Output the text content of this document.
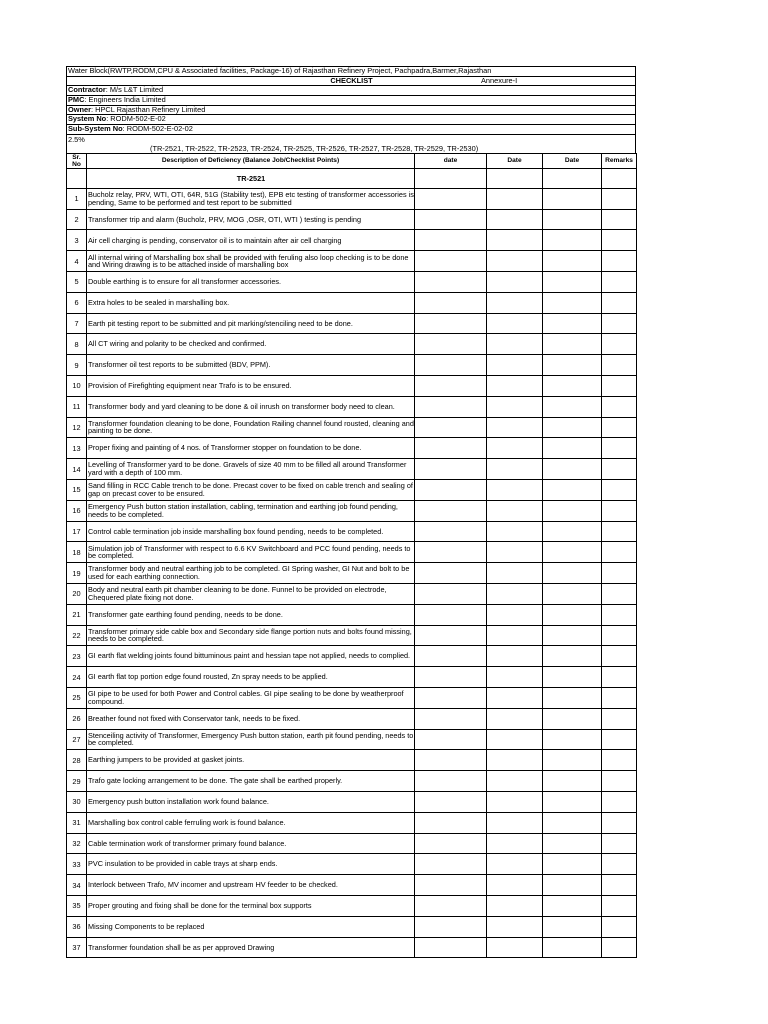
Water Block(RWTP,RODM,CPU & Associated facilities, Package-16) of Rajasthan Refinery Project, Pachpadra,Barmer,Rajasthan
CHECKLIST	Annexure-I
Contractor: M/s L&T Limited
PMC: Engineers India Limited
Owner: HPCL Rajasthan Refinery Limited
System No: RODM-502-E-02
Sub-System No: RODM-502-E-02-02
2.5%
(TR-2521, TR-2522, TR-2523, TR-2524, TR-2525, TR-2526, TR-2527, TR-2528, TR-2529, TR-2530)
Sr. No	Description of Deficiency (Balance Job/Checklist Points)	date	Date	Date	Remarks
	TR-2521				
1	Bucholz relay, PRV, WTI, OTI, 64R, 51G (Stability test), EPB etc testing of transformer accessories is pending, Same to be performed and test report to be submitted				
2	Transformer trip and alarm (Bucholz, PRV, MOG ,OSR, OTI, WTI ) testing is pending				
3	Air cell charging is pending, conservator oil is to maintain after air cell charging				
4	All internal wiring of Marshalling box shall be provided with feruling also loop checking is to be done and Wiring drawing is to be attached inside of marshalling box				
5	Double earthing is to ensure for all transformer accessories.				
6	Extra holes to be sealed in marshalling box.				
7	Earth pit testing report to be submitted and pit marking/stenciling need to be done.				
8	All CT wiring and polarity to be checked and confirmed.				
9	Transformer oil test reports to be submitted (BDV, PPM).				
10	Provision of Firefighting equipment near Trafo is to be ensured.				
11	Transformer body and yard cleaning to be done & oil inrush on transformer body need to clean.				
12	Transformer foundation cleaning to be done, Foundation Railing channel found rousted, cleaning and painting to be done.				
13	Proper fixing and painting of 4 nos. of Transformer stopper on foundation to be done.				
14	Levelling of Transformer yard to be done. Gravels of size 40 mm to be filled all around Transformer yard with a depth of 100 mm.				
15	Sand filling in RCC Cable trench to be done. Precast cover to be fixed on cable trench and sealing of gap on precast cover to be ensured.				
16	Emergency Push button station installation, cabling, termination and earthing job found pending, needs to be completed.				
17	Control cable termination job inside marshalling box found pending, needs to be completed.				
18	Simulation job of Transformer with respect to 6.6 KV Switchboard and PCC found pending, needs to be completed.				
19	Transformer body and neutral earthing job to be completed. GI Spring washer, GI Nut and bolt to be used for each earthing connection.				
20	Body and neutral earth pit chamber cleaning to be done. Funnel to be provided on electrode, Chequered plate fixing not done.				
21	Transformer gate earthing found pending, needs to be done.				
22	Transformer primary side cable box and Secondary side flange portion nuts and bolts found missing, needs to be completed.				
23	GI earth flat welding joints found bittuminous paint and hessian tape not applied, needs to complied.				
24	GI earth flat top portion edge found rousted, Zn spray needs to be applied.				
25	GI pipe to be used for both Power and Control cables. GI pipe sealing to be done by weatherproof compound.				
26	Breather found not fixed with Conservator tank, needs to be fixed.				
27	Stenceiling activity of Transformer, Emergency Push button station, earth pit found pending, needs to be completed.				
28	Earthing jumpers to be provided at gasket joints.				
29	Trafo gate locking arrangement to be done. The gate shall be earthed properly.				
30	Emergency push button installation work found balance.				
31	Marshalling box control cable ferruling work is found balance.				
32	Cable termination work of transformer primary found balance.				
33	PVC insulation to be provided in cable trays at sharp ends.				
34	Interlock between Trafo, MV incomer and upstream HV feeder to be checked.				
35	Proper grouting and fixing shall be done for the terminal box supports				
36	Missing Components to be replaced				
37	Transformer foundation shall be as per approved Drawing				
